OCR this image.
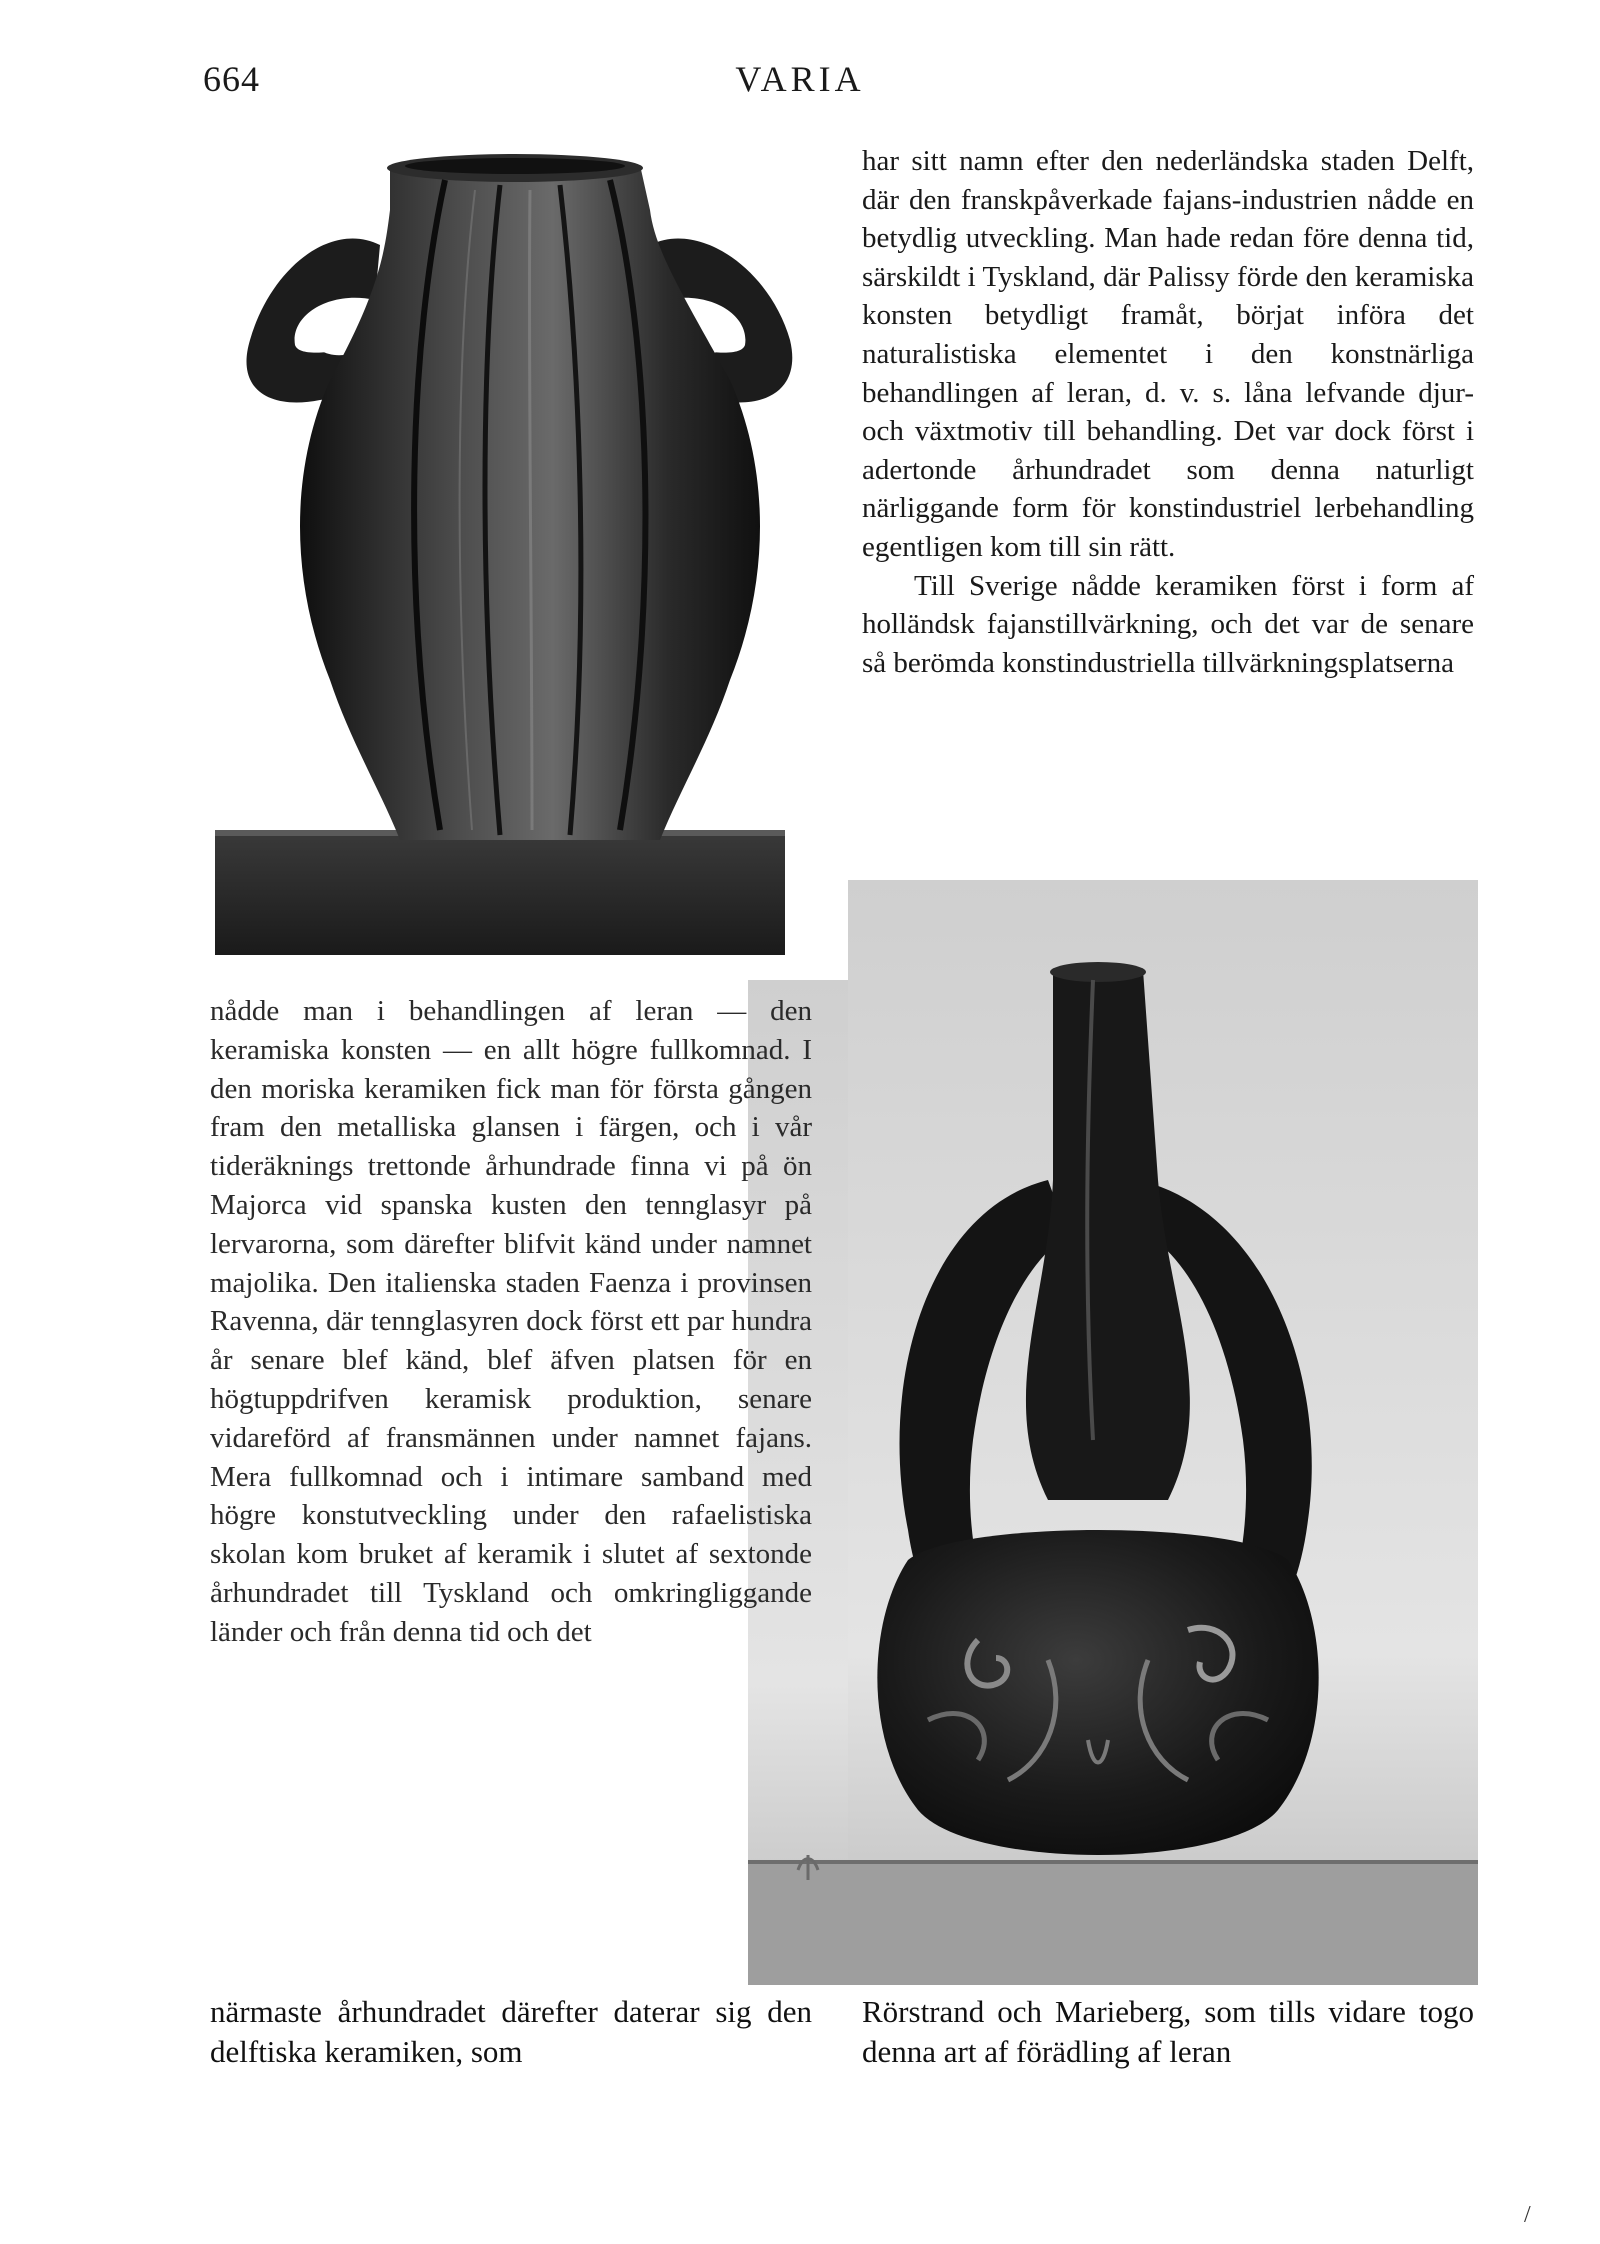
664	VARIA

har sitt namn efter den nederländska staden Delft, där den franskpåverkade fajans-industrien nådde en betydlig utveckling. Man hade redan före denna tid, särskildt i Tyskland, där Palissy förde den keramiska konsten betydligt framåt, börjat införa det naturalistiska elementet i den konstnärliga behandlingen af leran, d. v. s. låna lefvande djur- och växtmotiv till behandling. Det var dock först i adertonde århundradet som denna naturligt närliggande form för konstindustriel lerbehandling egentligen kom till sin rätt.

Till Sverige nådde keramiken först i form af holländsk fajanstillvärkning, och det var de senare så berömda konstindustriella tillvärkningsplatserna

nådde man i behandlingen af leran — den keramiska konsten — en allt högre fullkomnad. I den moriska keramiken fick man för första gången fram den metalliska glansen i färgen, och i vår tideräknings trettonde århundrade finna vi på ön Majorca vid spanska kusten den tennglasyr på lervarorna, som därefter blifvit känd under namnet majolika. Den italienska staden Faenza i provinsen Ravenna, där tennglasyren dock först ett par hundra år senare blef känd, blef äfven platsen för en högtuppdrifven keramisk produktion, senare vidareförd af fransmännen under namnet fajans. Mera fullkomnad och i intimare samband med högre konstutveckling under den rafaelistiska skolan kom bruket af keramik i slutet af sextonde århundradet till Tyskland och omkringliggande länder och från denna tid och det

närmaste århundradet därefter daterar sig den delftiska keramiken, som
Rörstrand och Marieberg, som tills vidare togo denna art af förädling af leran
/
